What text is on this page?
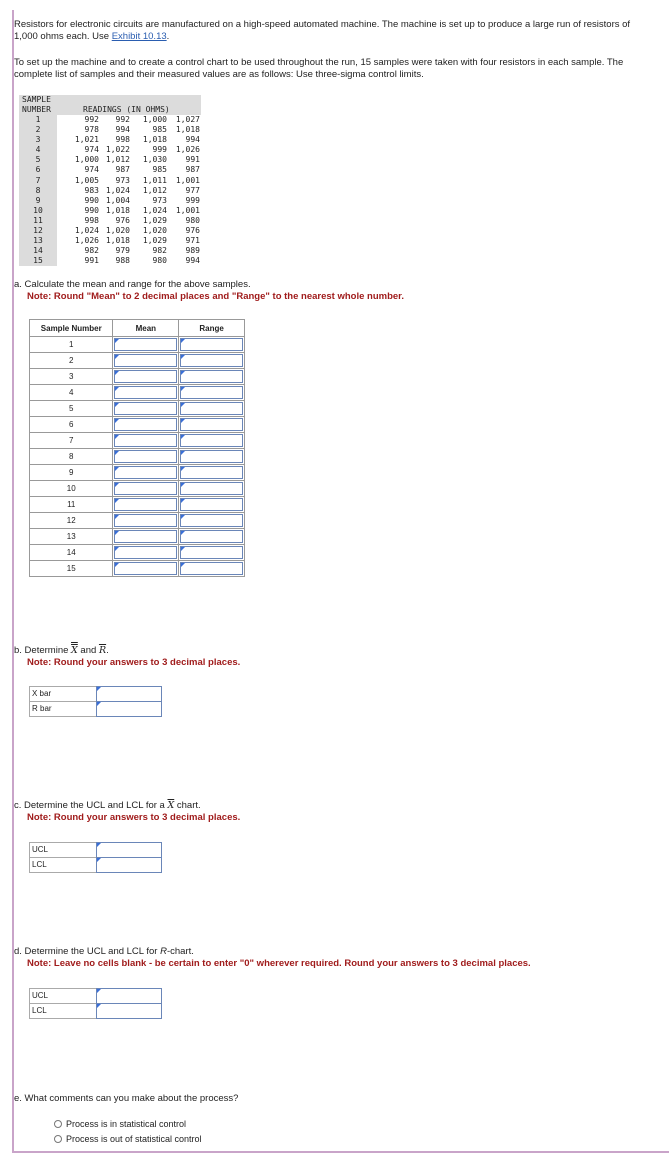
Resistors for electronic circuits are manufactured on a high-speed automated machine. The machine is set up to produce a large run of resistors of 1,000 ohms each. Use Exhibit 10.13.

To set up the machine and to create a control chart to be used throughout the run, 15 samples were taken with four resistors in each sample. The complete list of samples and their measured values are as follows: Use three-sigma control limits.

SAMPLE
NUMBER	READINGS (IN OHMS)
1	992 992 1,000 1,027
2	978 994	985 1,018
3	1,021 998 1,018 994
4	974 1,022	999 1,026
5	1,000 1,012 1,030 991
6	974 987	985 987
7	1,005 973 1,011 1,001
8	983 1,024 1,012 977
9	990 1,004	973 999
10	990 1,018 1,024 1,001
11	998 976 1,029 980
12	1,024 1,020 1,020 976
13	1,026 1,018 1,029 971
14	982 979	982 989
15	991 988	980 994

a. Calculate the mean and range for the above samples.

Note: Round "Mean" to 2 decimal places and "Range" to the nearest whole number.

Sample Number	Mean	Range
1	

2	

3	

4	

5	

6	

7	

8	

9	

10	

11	

12	

13	

14	

15	

b. Determine X and $\overline{R}$.

Note: Round your answers to 3 decimal places.

X bar
R bar

c. Determine the UCL and LCL for a $\overline{X}$ chart.

Note: Round your answers to 3 decimal places.

UCL
LCL

d. Determine the UCL and LCL for R-chart.

Note: Leave no cells blank - be certain to enter "0" wherever required. Round your answers to 3 decimal places.

UCL
LCL

e. What comments can you make about the process?

Process is in statistical control
Process is out of statistical control
